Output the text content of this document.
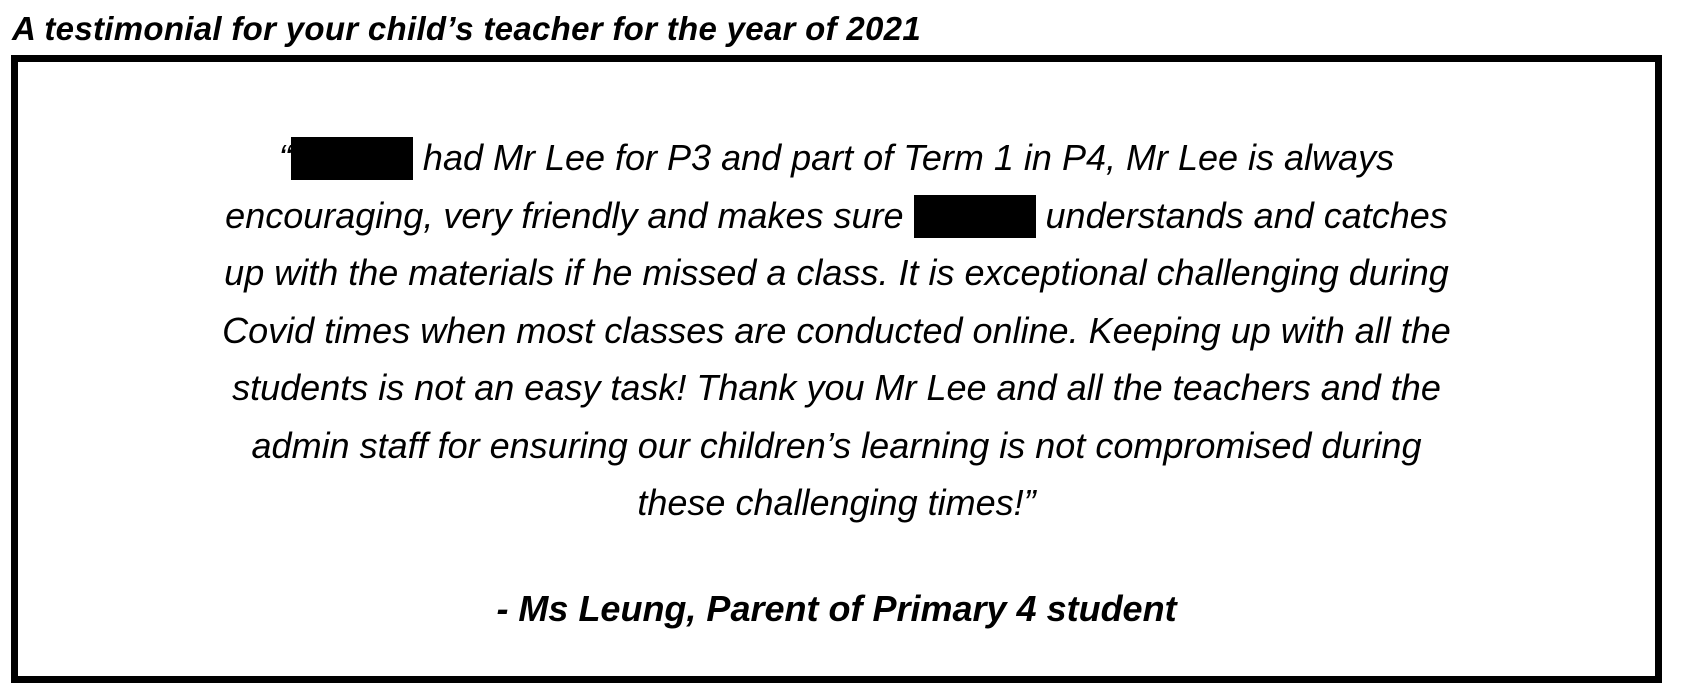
A testimonial for your child’s teacher for the year of 2021
“	had Mr Lee for P3 and part of Term 1 in P4, Mr Lee is always
encouraging, very friendly and makes sure	understands and catches
up with the materials if he missed a class. It is exceptional challenging during
Covid times when most classes are conducted online. Keeping up with all the
students is not an easy task! Thank you Mr Lee and all the teachers and the
admin staff for ensuring our children’s learning is not compromised during
these challenging times!”
- Ms Leung, Parent of Primary 4 student
